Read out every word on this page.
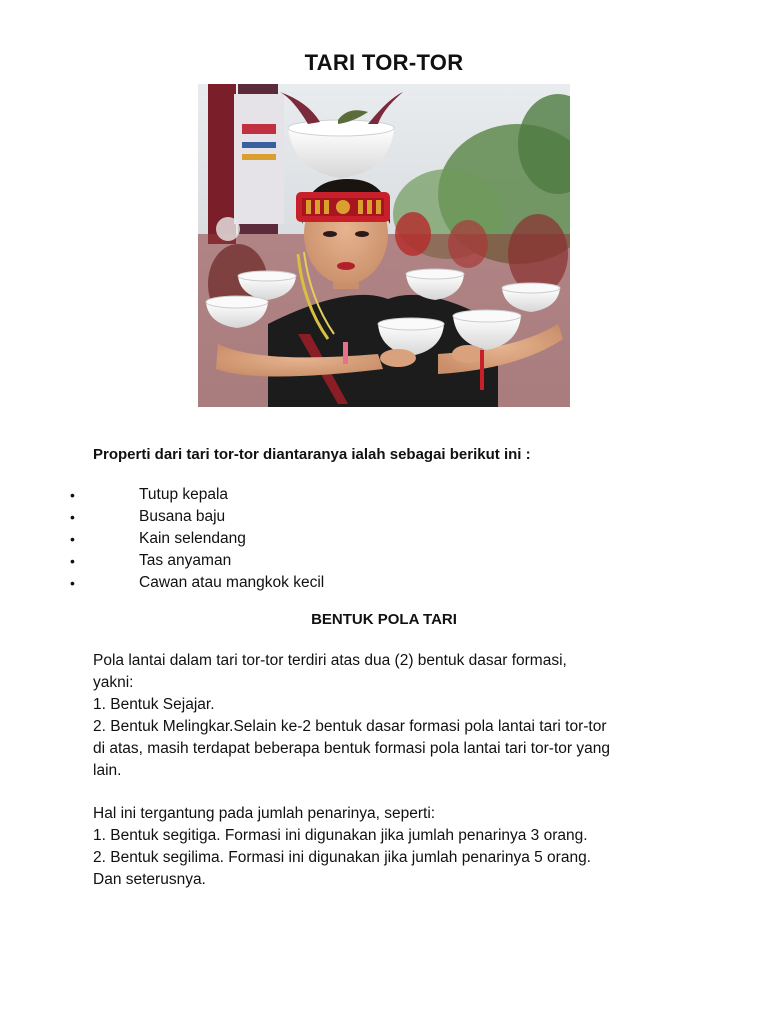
TARI TOR-TOR

Properti dari tari tor-tor diantaranya ialah sebagai berikut ini :

•	Tutup kepala
•	Busana baju
•	Kain selendang
•	Tas anyaman
•	Cawan atau mangkok kecil
BENTUK POLA TARI

Pola lantai dalam tari tor-tor terdiri atas dua (2) bentuk dasar formasi,
yakni:
1. Bentuk Sejajar.
2. Bentuk Melingkar.Selain ke-2 bentuk dasar formasi pola lantai tari tor-tor
di atas, masih terdapat beberapa bentuk formasi pola lantai tari tor-tor yang
lain.

Hal ini tergantung pada jumlah penarinya, seperti:
1. Bentuk segitiga. Formasi ini digunakan jika jumlah penarinya 3 orang.
2. Bentuk segilima. Formasi ini digunakan jika jumlah penarinya 5 orang.
Dan seterusnya.
